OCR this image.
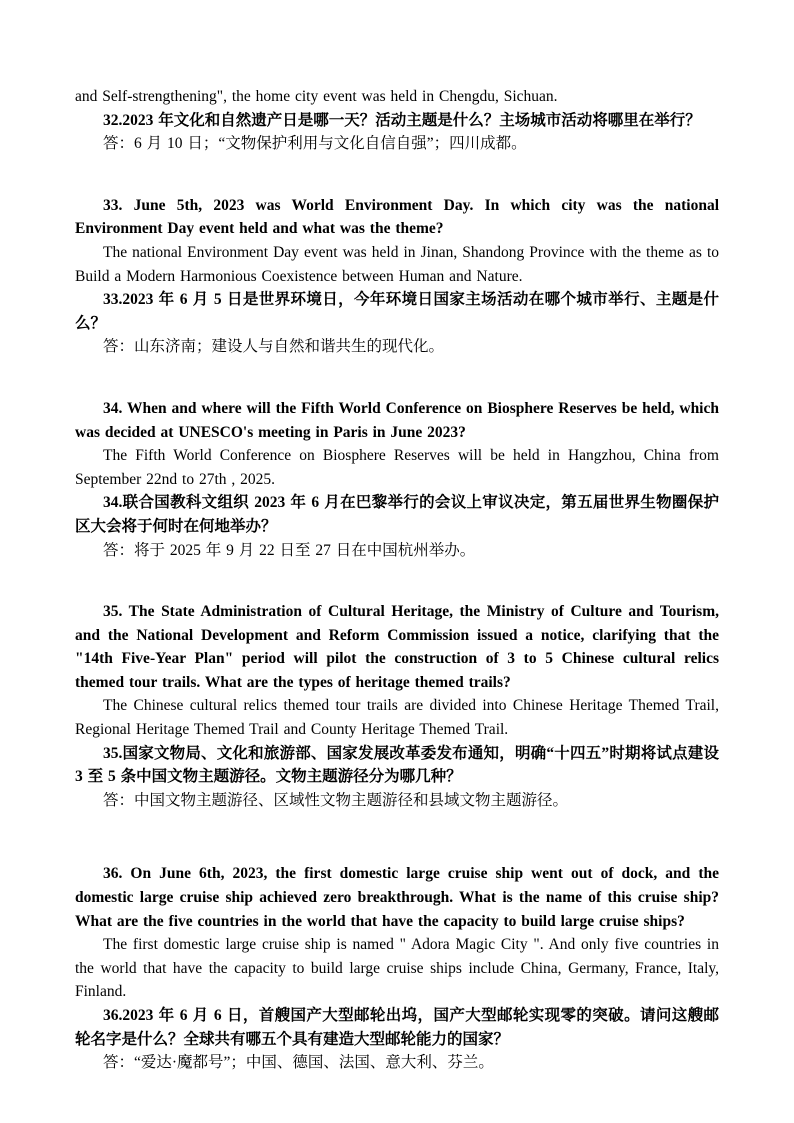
and Self-strengthening", the home city event was held in Chengdu, Sichuan.

32.2023 年文化和自然遗产日是哪一天？活动主题是什么？主场城市活动将哪里在举行？

答：6 月 10 日；“文物保护利用与文化自信自强”；四川成都。

33. June 5th, 2023 was World Environment Day. In which city was the national Environment Day event held and what was the theme?

The national Environment Day event was held in Jinan, Shandong Province with the theme as to Build a Modern Harmonious Coexistence between Human and Nature.

33.2023 年 6 月 5 日是世界环境日，今年环境日国家主场活动在哪个城市举行、主题是什么？

答：山东济南；建设人与自然和谐共生的现代化。

34. When and where will the Fifth World Conference on Biosphere Reserves be held, which was decided at UNESCO's meeting in Paris in June 2023?

The Fifth World Conference on Biosphere Reserves will be held in Hangzhou, China from September 22nd to 27th , 2025.

34.联合国教科文组织 2023 年 6 月在巴黎举行的会议上审议决定，第五届世界生物圈保护区大会将于何时在何地举办？

答：将于 2025 年 9 月 22 日至 27 日在中国杭州举办。

35. The State Administration of Cultural Heritage, the Ministry of Culture and Tourism, and the National Development and Reform Commission issued a notice, clarifying that the "14th Five-Year Plan" period will pilot the construction of 3 to 5 Chinese cultural relics themed tour trails. What are the types of heritage themed trails?

The Chinese cultural relics themed tour trails are divided into Chinese Heritage Themed Trail, Regional Heritage Themed Trail and County Heritage Themed Trail.

35.国家文物局、文化和旅游部、国家发展改革委发布通知，明确“十四五”时期将试点建设 3 至 5 条中国文物主题游径。文物主题游径分为哪几种？

答：中国文物主题游径、区域性文物主题游径和县域文物主题游径。

36. On June 6th, 2023, the first domestic large cruise ship went out of dock, and the domestic large cruise ship achieved zero breakthrough. What is the name of this cruise ship? What are the five countries in the world that have the capacity to build large cruise ships?

The first domestic large cruise ship is named " Adora Magic City ". And only five countries in the world that have the capacity to build large cruise ships include China, Germany, France, Italy, Finland.

36.2023 年 6 月 6 日，首艘国产大型邮轮出坞，国产大型邮轮实现零的突破。请问这艘邮轮名字是什么？全球共有哪五个具有建造大型邮轮能力的国家？

答：“爱达·魔都号”；中国、德国、法国、意大利、芬兰。
